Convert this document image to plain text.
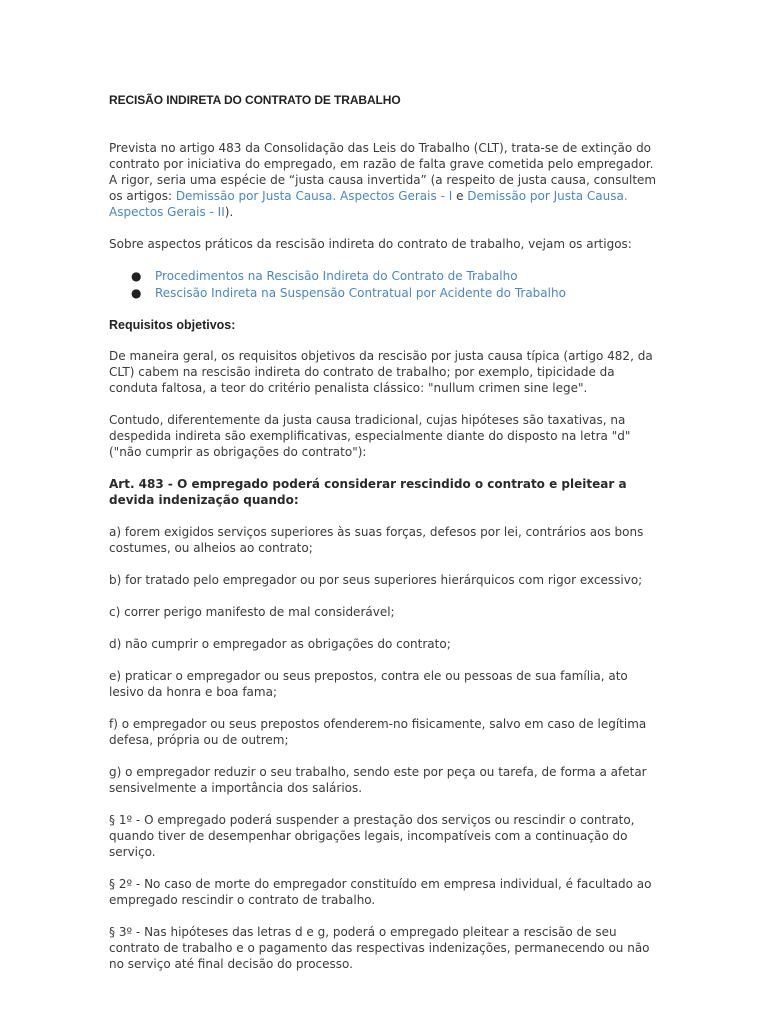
RECISÃO INDIRETA DO CONTRATO DE TRABALHO

Prevista no artigo 483 da Consolidação das Leis do Trabalho (CLT), trata-se de extinção do contrato por iniciativa do empregado, em razão de falta grave cometida pelo empregador. A rigor, seria uma espécie de “justa causa invertida” (a respeito de justa causa, consultem os artigos: Demissão por Justa Causa. Aspectos Gerais - I e Demissão por Justa Causa. Aspectos Gerais - II).

Sobre aspectos práticos da rescisão indireta do contrato de trabalho, vejam os artigos:

● Procedimentos na Rescisão Indireta do Contrato de Trabalho
● Rescisão Indireta na Suspensão Contratual por Acidente do Trabalho
Requisitos objetivos:

De maneira geral, os requisitos objetivos da rescisão por justa causa típica (artigo 482, da CLT) cabem na rescisão indireta do contrato de trabalho; por exemplo, tipicidade da conduta faltosa, a teor do critério penalista clássico: "nullum crimen sine lege".

Contudo, diferentemente da justa causa tradicional, cujas hipóteses são taxativas, na despedida indireta são exemplificativas, especialmente diante do disposto na letra "d" ("não cumprir as obrigações do contrato"):

Art. 483 - O empregado poderá considerar rescindido o contrato e pleitear a devida indenização quando:

a) forem exigidos serviços superiores às suas forças, defesos por lei, contrários aos bons costumes, ou alheios ao contrato;

b) for tratado pelo empregador ou por seus superiores hierárquicos com rigor excessivo;

c) correr perigo manifesto de mal considerável;

d) não cumprir o empregador as obrigações do contrato;

e) praticar o empregador ou seus prepostos, contra ele ou pessoas de sua família, ato lesivo da honra e boa fama;

f) o empregador ou seus prepostos ofenderem-no fisicamente, salvo em caso de legítima defesa, própria ou de outrem;

g) o empregador reduzir o seu trabalho, sendo este por peça ou tarefa, de forma a afetar sensivelmente a importância dos salários.

§ 1º - O empregado poderá suspender a prestação dos serviços ou rescindir o contrato, quando tiver de desempenhar obrigações legais, incompatíveis com a continuação do serviço.

§ 2º - No caso de morte do empregador constituído em empresa individual, é facultado ao empregado rescindir o contrato de trabalho.

§ 3º - Nas hipóteses das letras d e g, poderá o empregado pleitear a rescisão de seu contrato de trabalho e o pagamento das respectivas indenizações, permanecendo ou não no serviço até final decisão do processo.
